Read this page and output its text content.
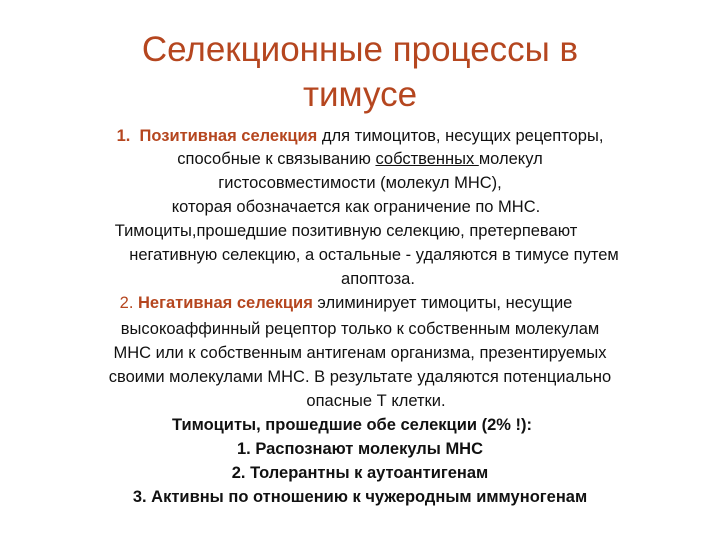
Селекционные процессы в
тимусе
1. Позитивная селекция для тимоцитов, несущих рецепторы,
способные к связыванию собственных молекул
гистосовместимости (молекул MHC),
которая обозначается как ограничение по MHC.
Тимоциты,прошедшие позитивную селекцию, претерпевают
негативную селекцию, а остальные - удаляются в тимусе путем
апоптоза.
2. Негативная селекция элиминирует тимоциты, несущие
высокоаффинный рецептор только к собственным молекулам
MHC или к собственным антигенам организма, презентируемых
своими молекулами MHC. В результате удаляются потенциально
опасные Т клетки.
Тимоциты, прошедшие обе селекции (2% !):
1. Распознают молекулы MHC
2. Толерантны к аутоантигенам
3. Активны по отношению к чужеродным иммуногенам
